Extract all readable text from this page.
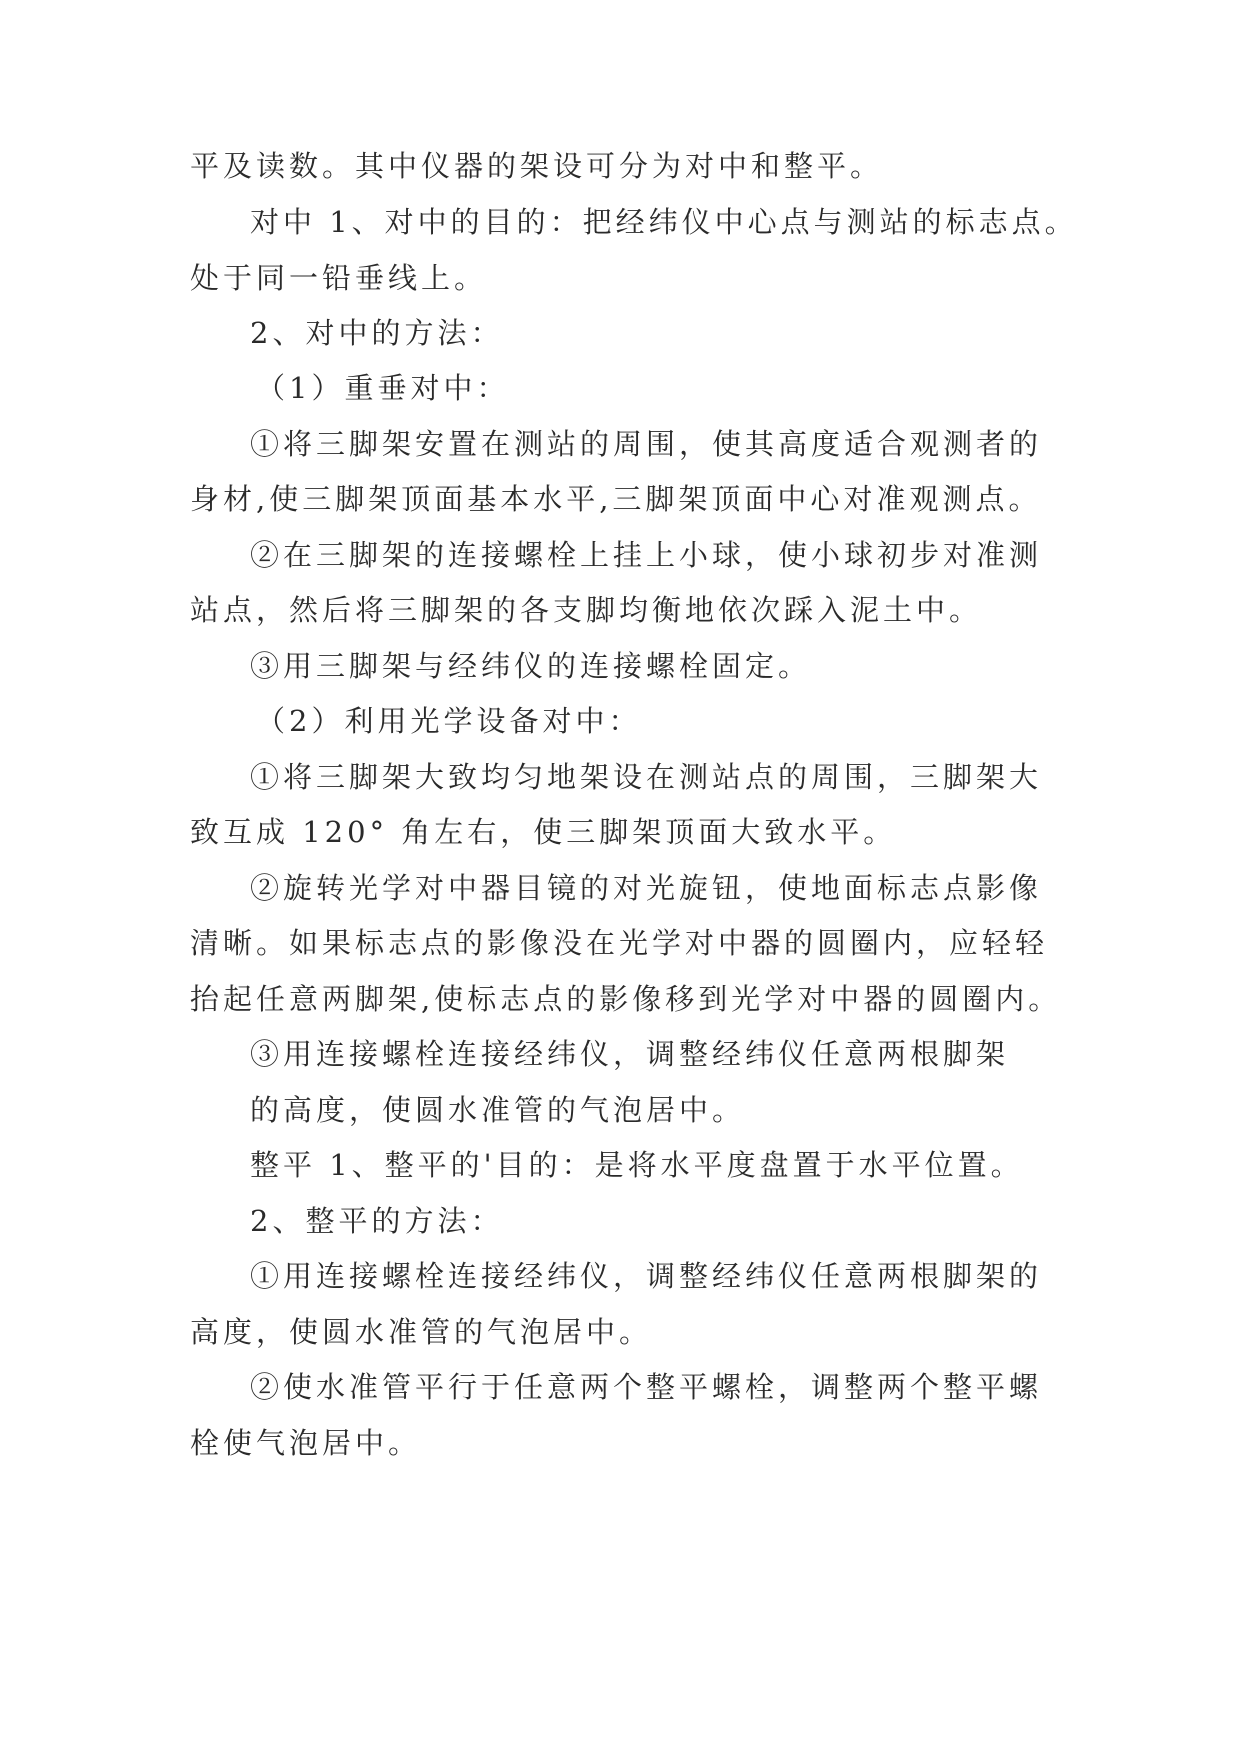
平及读数。其中仪器的架设可分为对中和整平。
对中 1、对中的目的：把经纬仪中心点与测站的标志点。
处于同一铅垂线上。
2、对中的方法：
（1）重垂对中：
①将三脚架安置在测站的周围，使其高度适合观测者的
身材,使三脚架顶面基本水平,三脚架顶面中心对准观测点。
②在三脚架的连接螺栓上挂上小球，使小球初步对准测
站点，然后将三脚架的各支脚均衡地依次踩入泥土中。
③用三脚架与经纬仪的连接螺栓固定。
（2）利用光学设备对中：
①将三脚架大致均匀地架设在测站点的周围，三脚架大
致互成 120° 角左右，使三脚架顶面大致水平。
②旋转光学对中器目镜的对光旋钮，使地面标志点影像
清晰。如果标志点的影像没在光学对中器的圆圈内，应轻轻
抬起任意两脚架,使标志点的影像移到光学对中器的圆圈内。
③用连接螺栓连接经纬仪，调整经纬仪任意两根脚架
的高度，使圆水准管的气泡居中。
整平 1、整平的'目的：是将水平度盘置于水平位置。
2、整平的方法：
①用连接螺栓连接经纬仪，调整经纬仪任意两根脚架的
高度，使圆水准管的气泡居中。
②使水准管平行于任意两个整平螺栓，调整两个整平螺
栓使气泡居中。
